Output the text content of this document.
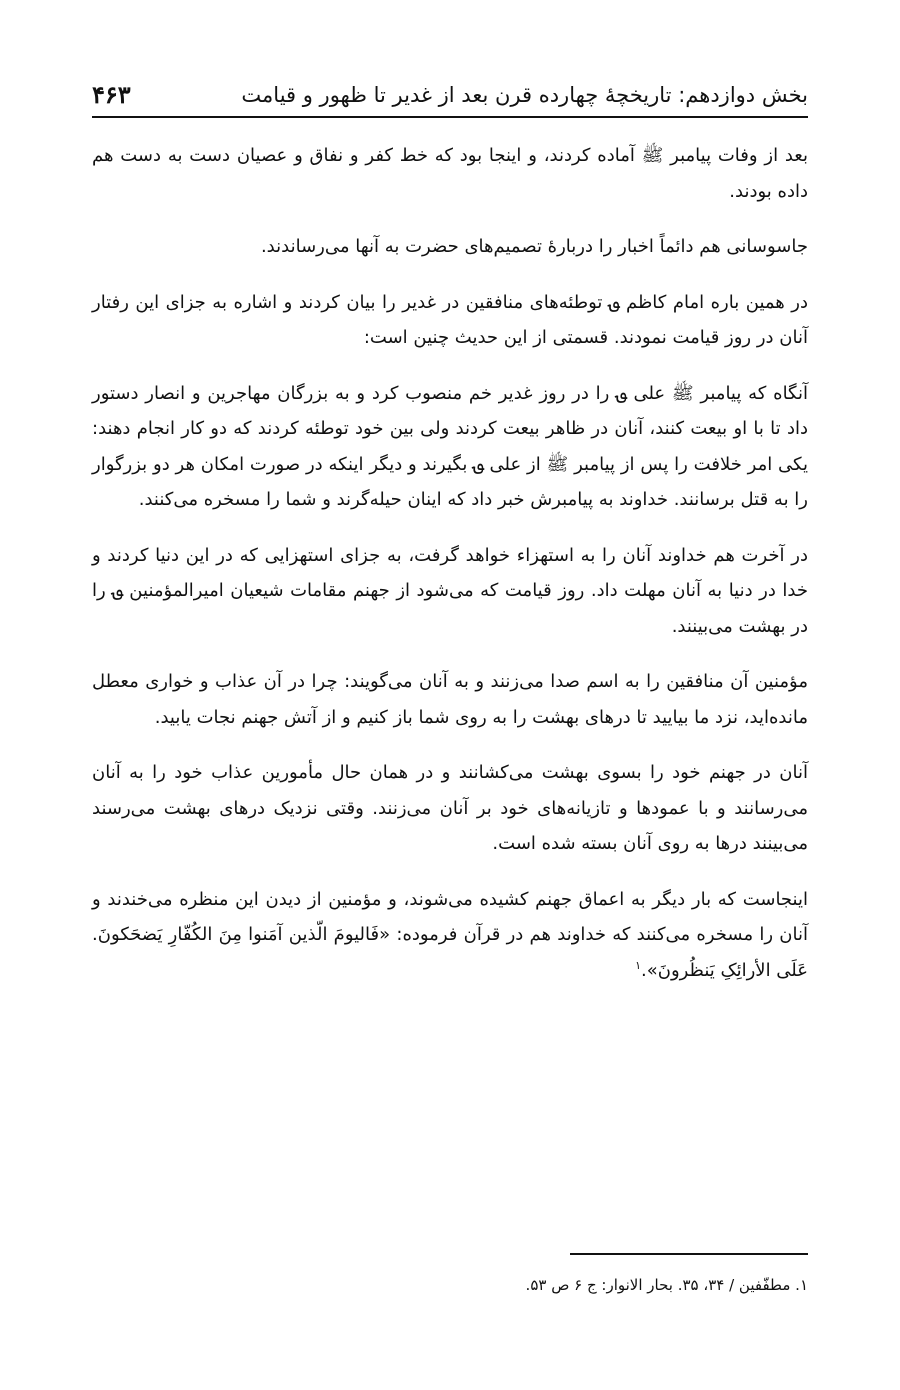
بخش دوازدهم: تاریخچهٔ چهارده قرن بعد از غدیر تا ظهور و قیامت
۴۶۳

بعد از وفات پیامبر ﷺ آماده کردند، و اینجا بود که خط کفر و نفاق و عصیان دست به دست هم داده بودند.

جاسوسانی هم دائماً اخبار را دربارهٔ تصمیم‌های حضرت به آنها می‌رساندند.

در همین باره امام کاظم ؈ توطئه‌های منافقین در غدیر را بیان کردند و اشاره به جزای این رفتار آنان در روز قیامت نمودند. قسمتی از این حدیث چنین است:

آنگاه که پیامبر ﷺ علی ؈ را در روز غدیر خم منصوب کرد و به بزرگان مهاجرین و انصار دستور داد تا با او بیعت کنند، آنان در ظاهر بیعت کردند ولی بین خود توطئه کردند که دو کار انجام دهند: یکی امر خلافت را پس از پیامبر ﷺ از علی ؈ بگیرند و دیگر اینکه در صورت امکان هر دو بزرگوار را به قتل برسانند. خداوند به پیامبرش خبر داد که اینان حیله‌گرند و شما را مسخره می‌کنند.

در آخرت هم خداوند آنان را به استهزاء خواهد گرفت، به جزای استهزایی که در این دنیا کردند و خدا در دنیا به آنان مهلت داد. روز قیامت که می‌شود از جهنم مقامات شیعیان امیرالمؤمنین ؈ را در بهشت می‌بینند.

مؤمنین آن منافقین را به اسم صدا می‌زنند و به آنان می‌گویند: چرا در آن عذاب و خواری معطل مانده‌اید، نزد ما بیایید تا درهای بهشت را به روی شما باز کنیم و از آتش جهنم نجات یابید.

آنان در جهنم خود را بسوی بهشت می‌کشانند و در همان حال مأمورین عذاب خود را به آنان می‌رسانند و با عمودها و تازیانه‌های خود بر آنان می‌زنند. وقتی نزدیک درهای بهشت می‌رسند می‌بینند درها به روی آنان بسته شده است.

اینجاست که بار دیگر به اعماق جهنم کشیده می‌شوند، و مؤمنین از دیدن این منظره می‌خندند و آنان را مسخره می‌کنند که خداوند هم در قرآن فرموده: «فَالیومَ الّذین آمَنوا مِنَ الکُفّارِ یَضحَکونَ. عَلَی الأرائِکِ یَنظُرونَ».$^۱$

۱. مطفّفین / ۳۴، ۳۵. بحار الانوار: ج ۶ ص ۵۳.
